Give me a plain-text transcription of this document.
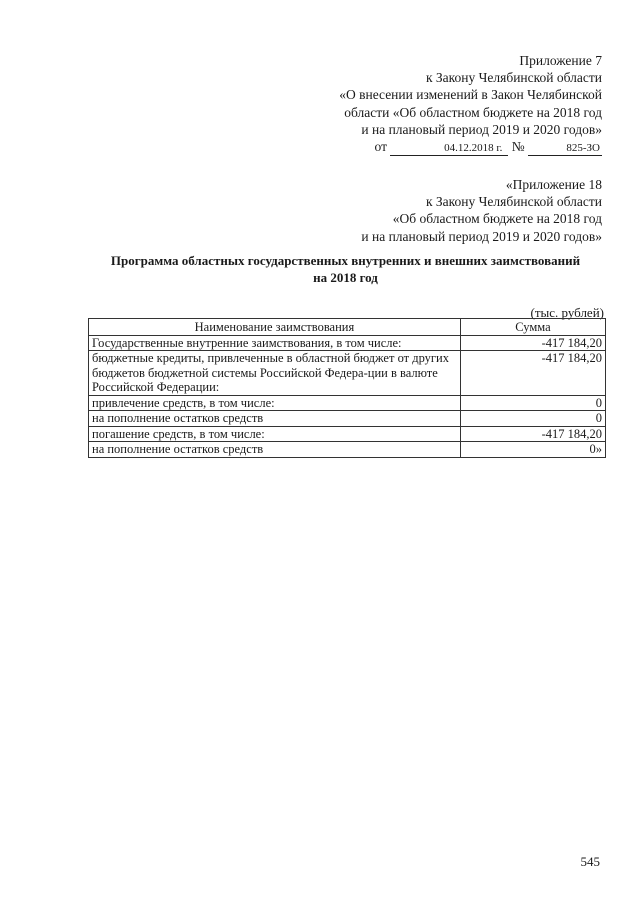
Приложение 7
к Закону Челябинской области
«О внесении изменений в Закон Челябинской
области «Об областном бюджете на 2018 год
и на плановый период 2019 и 2020 годов»
от	04.12.2018 г. №	825-ЗО
«Приложение 18
к Закону Челябинской области
«Об областном бюджете на 2018 год
и на плановый период 2019 и 2020 годов»
Программа областных государственных внутренних и внешних заимствований
на 2018 год
(тыс. рублей)
Наименование заимствования	Сумма
Государственные внутренние заимствования, в том числе:	-417 184,20
бюджетные кредиты, привлеченные в областной бюджет от других бюджетов бюджетной системы Российской Федера-ции в валюте Российской Федерации:	-417 184,20
привлечение средств, в том числе:	0
на пополнение остатков средств	0
погашение средств, в том числе:	-417 184,20
на пополнение остатков средств	0»
545
